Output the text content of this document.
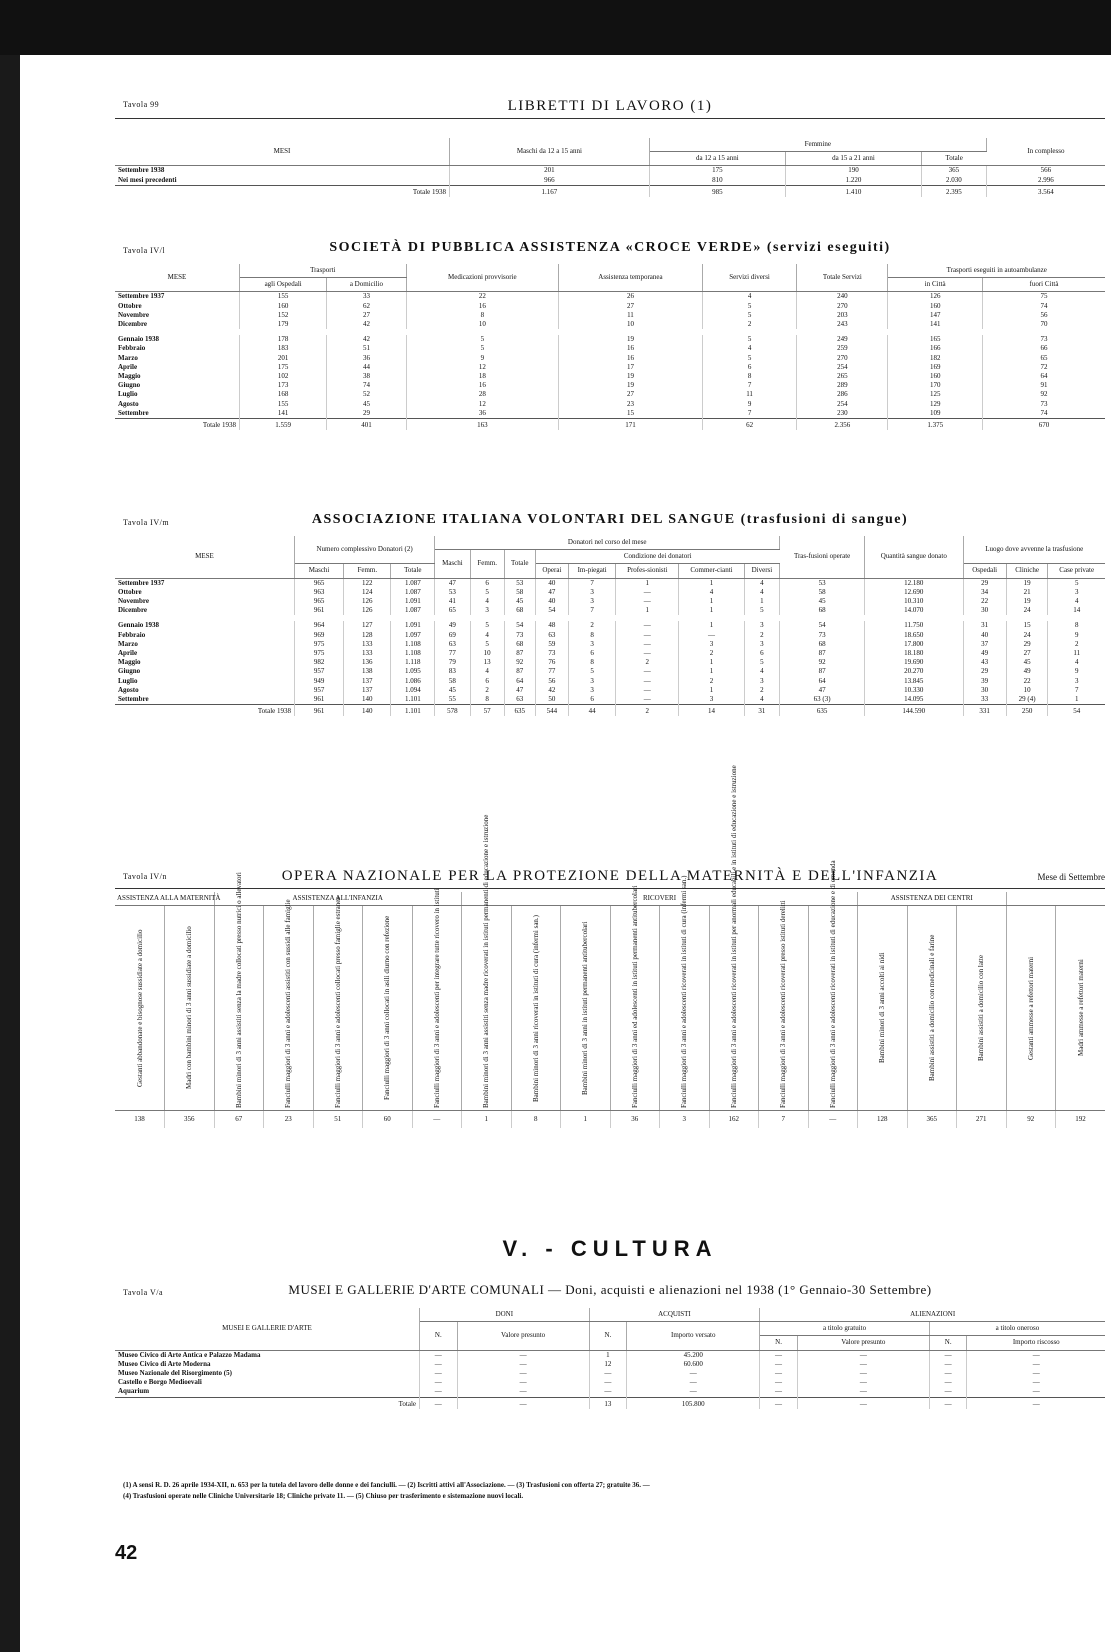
Tavola 99	LIBRETTI DI LAVORO (1)
MESI	Maschi da 12 a 15 anni	Femmine			In complesso
		da 12 a 15 anni	da 15 a 21 anni	Totale	
Settembre 1938	201	175	190	365	566
Nei mesi precedenti	966	810	1.220	2.030	2.996
Totale 1938	1.167	985	1.410	2.395	3.564
Tavola IV/l	SOCIETÀ DI PUBBLICA ASSISTENZA «CROCE VERDE» (servizi eseguiti)
MESE	Trasporti		Medicazioni provvisorie	Assistenza temporanea	Servizi diversi	Totale Servizi	Trasporti eseguiti in autoambulanze	
	agli Ospedali	a Domicilio					in Città	fuori Città
Settembre 1937	155	33	22	26	4	240	126	75
Ottobre	160	62	16	27	5	270	160	74
Novembre	152	27	8	11	5	203	147	56
Dicembre	179	42	10	10	2	243	141	70

Gennaio 1938	178	42	5	19	5	249	165	73
Febbraio	183	51	5	16	4	259	166	66
Marzo	201	36	9	16	5	270	182	65
Aprile	175	44	12	17	6	254	169	72
Maggio	102	38	18	19	8	265	160	64
Giugno	173	74	16	19	7	289	170	91
Luglio	168	52	28	27	11	286	125	92
Agosto	155	45	12	23	9	254	129	73
Settembre	141	29	36	15	7	230	109	74
Totale 1938	1.559	401	163	171	62	2.356	1.375	670
Tavola IV/m	ASSOCIAZIONE ITALIANA VOLONTARI DEL SANGUE (trasfusioni di sangue)
MESE	Numero complessivo Donatori (2)			Donatori nel corso del mese								Tras-fusioni operate	Quantità sangue donato	Luogo dove avvenne la trasfusione		
				Maschi	Femm.	Totale	Condizione dei donatori									
	Maschi	Femm.	Totale				Operai	Im-piegati	Profes-sionisti	Commer-cianti	Diversi			Ospedali	Cliniche	Case private
Settembre 1937	965	122	1.087	47	6	53	40	7	1	1	4	53	12.180	29	19	5
Ottobre	963	124	1.087	53	5	58	47	3	—	4	4	58	12.690	34	21	3
Novembre	965	126	1.091	41	4	45	40	3	—	1	1	45	10.310	22	19	4
Dicembre	961	126	1.087	65	3	68	54	7	1	1	5	68	14.070	30	24	14

Gennaio 1938	964	127	1.091	49	5	54	48	2	—	1	3	54	11.750	31	15	8
Febbraio	969	128	1.097	69	4	73	63	8	—	—	2	73	18.650	40	24	9
Marzo	975	133	1.108	63	5	68	59	3	—	3	3	68	17.800	37	29	2
Aprile	975	133	1.108	77	10	87	73	6	—	2	6	87	18.180	49	27	11
Maggio	982	136	1.118	79	13	92	76	8	2	1	5	92	19.690	43	45	4
Giugno	957	138	1.095	83	4	87	77	5	—	1	4	87	20.270	29	49	9
Luglio	949	137	1.086	58	6	64	56	3	—	2	3	64	13.845	39	22	3
Agosto	957	137	1.094	45	2	47	42	3	—	1	2	47	10.330	30	10	7
Settembre	961	140	1.101	55	8	63	50	6	—	3	4	63 (3)	14.095	33	29 (4)	1
Totale 1938	961	140	1.101	578	57	635	544	44	2	14	31	635	144.590	331	250	54
Tavola IV/n	OPERA NAZIONALE PER LA PROTEZIONE DELLA MATERNITÀ E DELL'INFANZIA	Mese di Settembre
ASSISTENZA ALLA MATERNITÀ		ASSISTENZA ALL'INFANZIA					RICOVERI								ASSISTENZA DEI CENTRI				

Gestanti abbandonate e bisognose sussidiate a domicilio	Madri con bambini minori di 3 anni sussidiate a domicilio	Bambini minori di 3 anni assistiti senza la madre collocati presso nutrici o allevatori	Fanciulli maggiori di 3 anni e adolescenti assistiti con sussidi alle famiglie	Fanciulli maggiori di 3 anni e adolescenti collocati presso famiglie estranee	Fanciulli maggiori di 3 anni collocati in asili diurno con refezione	Fanciulli maggiori di 3 anni e adolescenti per integrare tutte ricovero in istituti	Bambini minori di 3 anni assistiti senza madre ricoverati in istituti permanenti di educazione e istruzione	Bambini minori di 3 anni ricoverati in istituti di cura (infermi san.)	Bambini minori di 3 anni in istituti permanenti antitubercolari	Fanciulli maggiori di 3 anni ed adolescenti in istituti permanenti antitubercolari	Fanciulli maggiori di 3 anni e adolescenti ricoverati in istituti di cura (infermi san.)	Fanciulli maggiori di 3 anni e adolescenti ricoverati in istituti per anormali educabili e in istituti di educazione e istruzione	Fanciulli maggiori di 3 anni e adolescenti ricoverati presso istituti derelitti	Fanciulli maggiori di 3 anni e adolescenti ricoverati in istituti di educazione e di emenda	Bambini minori di 3 anni accolti ai nidi	Bambini assistiti a domicilio con medicinali e farine	Bambini assistiti a domicilio con latte	Gestanti ammesse a refettori materni	Madri ammesse a refettori materni

138	356	67	23	51	60	—	1	8	1	36	3	162	7	—	128	365	271	92	192
V. - CULTURA
Tavola V/a	MUSEI E GALLERIE D'ARTE COMUNALI — Doni, acquisti e alienazioni nel 1938 (1° Gennaio-30 Settembre)
MUSEI E GALLERIE D'ARTE	DONI		ACQUISTI		ALIENAZIONI			
	N.	Valore presunto	N.	Importo versato	a titolo gratuito		a titolo oneroso	
					N.	Valore presunto	N.	Importo riscosso
Museo Civico di Arte Antica e Palazzo Madama	—	—	1	45.200	—	—	—	—
Museo Civico di Arte Moderna	—	—	12	60.600	—	—	—	—
Museo Nazionale del Risorgimento (5)	—	—	—	—	—	—	—	—
Castello e Borgo Medioevali	—	—	—	—	—	—	—	—
Aquarium	—	—	—	—	—	—	—	—
Totale	—	—	13	105.800	—	—	—	—
(1) A sensi R. D. 26 aprile 1934-XII, n. 653 per la tutela del lavoro delle donne e dei fanciulli. — (2) Iscritti attivi all'Associazione. — (3) Trasfusioni con offerta 27; gratuite 36. —
(4) Trasfusioni operate nelle Cliniche Universitarie 18; Cliniche private 11. — (5) Chiuso per trasferimento e sistemazione nuovi locali.
42
